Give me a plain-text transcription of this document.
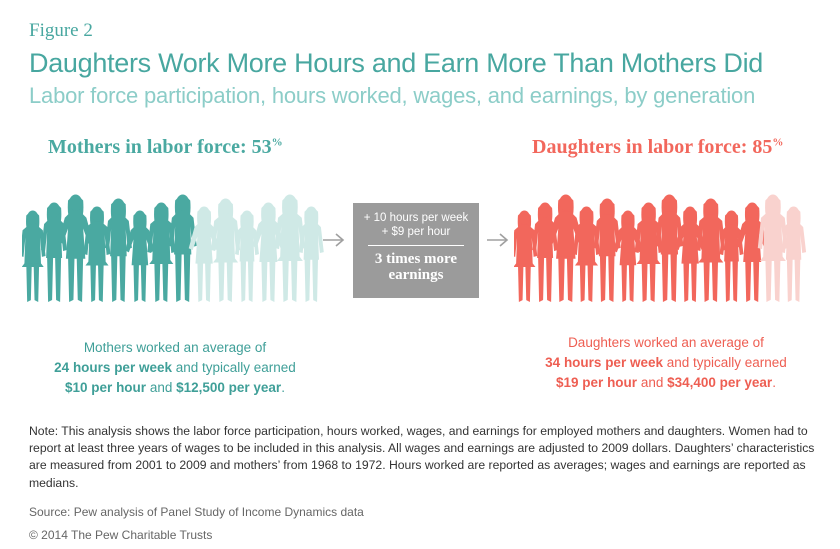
Figure 2
Daughters Work More Hours and Earn More Than Mothers Did
Labor force participation, hours worked, wages, and earnings, by generation
Mothers in labor force: 53%	Daughters in labor force: 85%
+ 10 hours per week
+ $9 per hour
3 times more
earnings
Mothers worked an average of
24 hours per week and typically earned
$10 per hour and $12,500 per year.
Daughters worked an average of
34 hours per week and typically earned
$19 per hour and $34,400 per year.
Note: This analysis shows the labor force participation, hours worked, wages, and earnings for employed mothers and daughters. Women had to report at least three years of wages to be included in this analysis. All wages and earnings are adjusted to 2009 dollars. Daughters’ characteristics are measured from 2001 to 2009 and mothers’ from 1968 to 1972. Hours worked are reported as averages; wages and earnings are reported as medians.
Source: Pew analysis of Panel Study of Income Dynamics data
© 2014 The Pew Charitable Trusts
